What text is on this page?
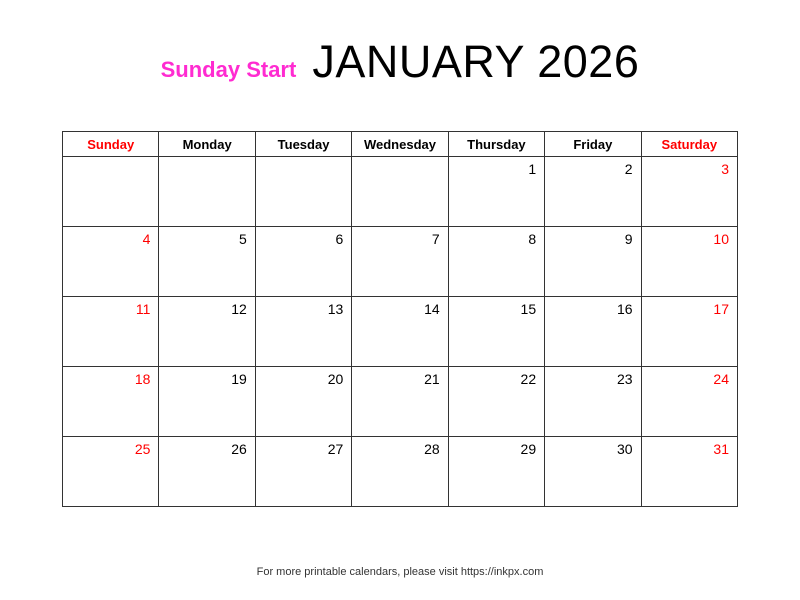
Sunday Start JANUARY 2026
Sunday	Monday	Tuesday	Wednesday	Thursday	Friday	Saturday

				1	2	3

4	5	6	7	8	9	10

11	12	13	14	15	16	17

18	19	20	21	22	23	24

25	26	27	28	29	30	31
For more printable calendars, please visit https://inkpx.com
